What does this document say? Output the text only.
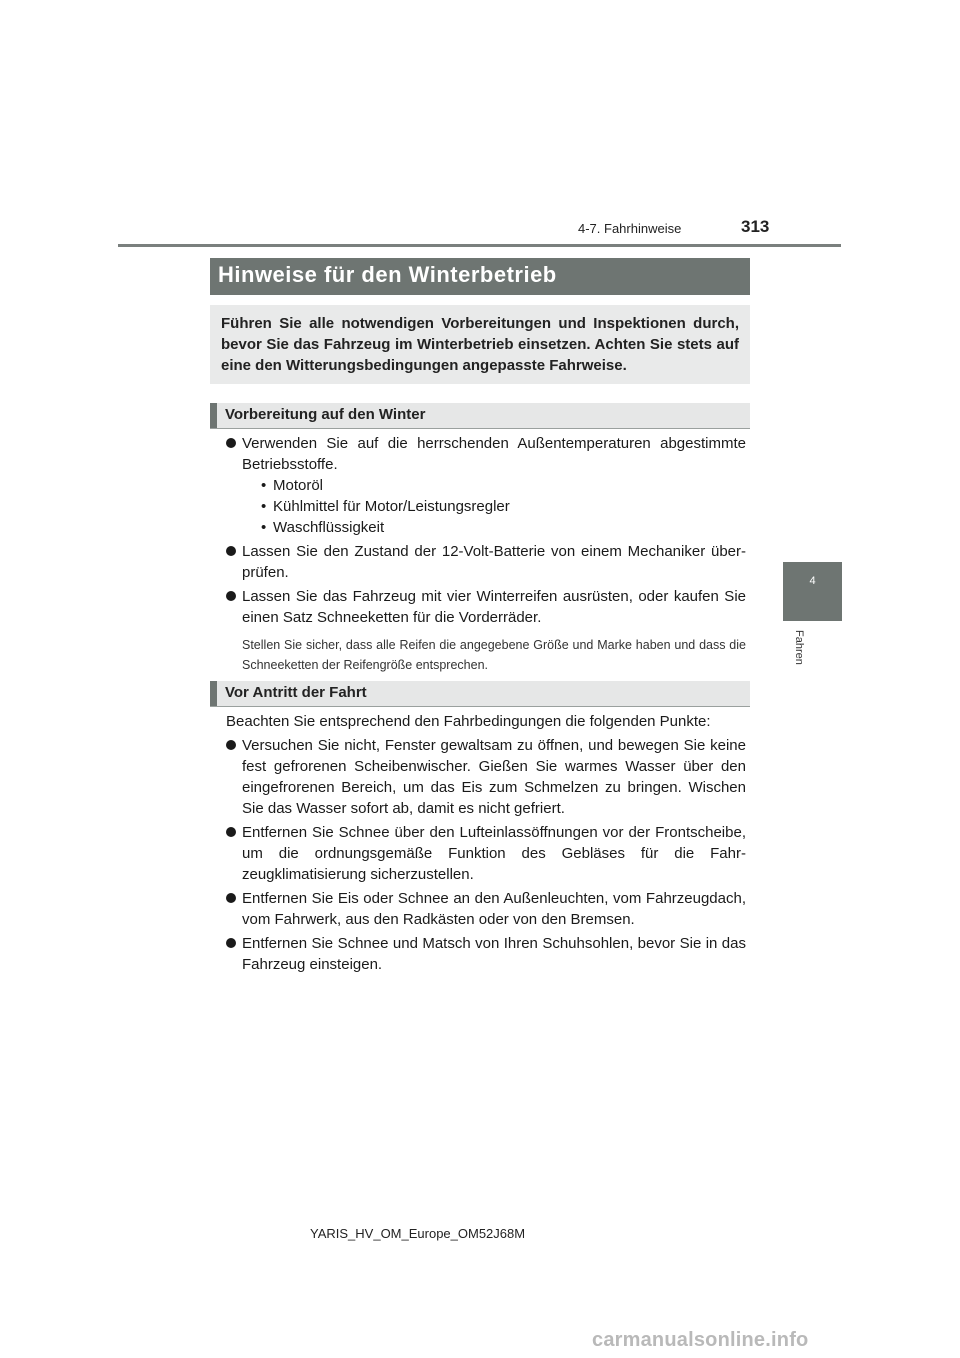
4-7. Fahrhinweise	313
4
Fahren
Hinweise für den Winterbetrieb
Führen Sie alle notwendigen Vorbereitungen und Inspektionen durch, bevor Sie das Fahrzeug im Winterbetrieb einsetzen. Achten Sie stets auf eine den Witterungsbedingungen angepasste Fahrweise.
Vorbereitung auf den Winter
Verwenden Sie auf die herrschenden Außentemperaturen abgestimmte Betriebsstoffe.
• Motoröl
• Kühlmittel für Motor/Leistungsregler
• Waschflüssigkeit
Lassen Sie den Zustand der 12-Volt-Batterie von einem Mechaniker überprüfen.
Lassen Sie das Fahrzeug mit vier Winterreifen ausrüsten, oder kaufen Sie einen Satz Schneeketten für die Vorderräder.
Stellen Sie sicher, dass alle Reifen die angegebene Größe und Marke haben und dass die Schneeketten der Reifengröße entsprechen.
Vor Antritt der Fahrt
Beachten Sie entsprechend den Fahrbedingungen die folgenden Punkte:
Versuchen Sie nicht, Fenster gewaltsam zu öffnen, und bewegen Sie keine fest gefrorenen Scheibenwischer. Gießen Sie warmes Wasser über den eingefrorenen Bereich, um das Eis zum Schmelzen zu bringen. Wischen Sie das Wasser sofort ab, damit es nicht gefriert.
Entfernen Sie Schnee über den Lufteinlassöffnungen vor der Frontscheibe, um die ordnungsgemäße Funktion des Gebläses für die Fahrzeugklimatisierung sicherzustellen.
Entfernen Sie Eis oder Schnee an den Außenleuchten, vom Fahrzeugdach, vom Fahrwerk, aus den Radkästen oder von den Bremsen.
Entfernen Sie Schnee und Matsch von Ihren Schuhsohlen, bevor Sie in das Fahrzeug einsteigen.
YARIS_HV_OM_Europe_OM52J68M
carmanualsonline.info
